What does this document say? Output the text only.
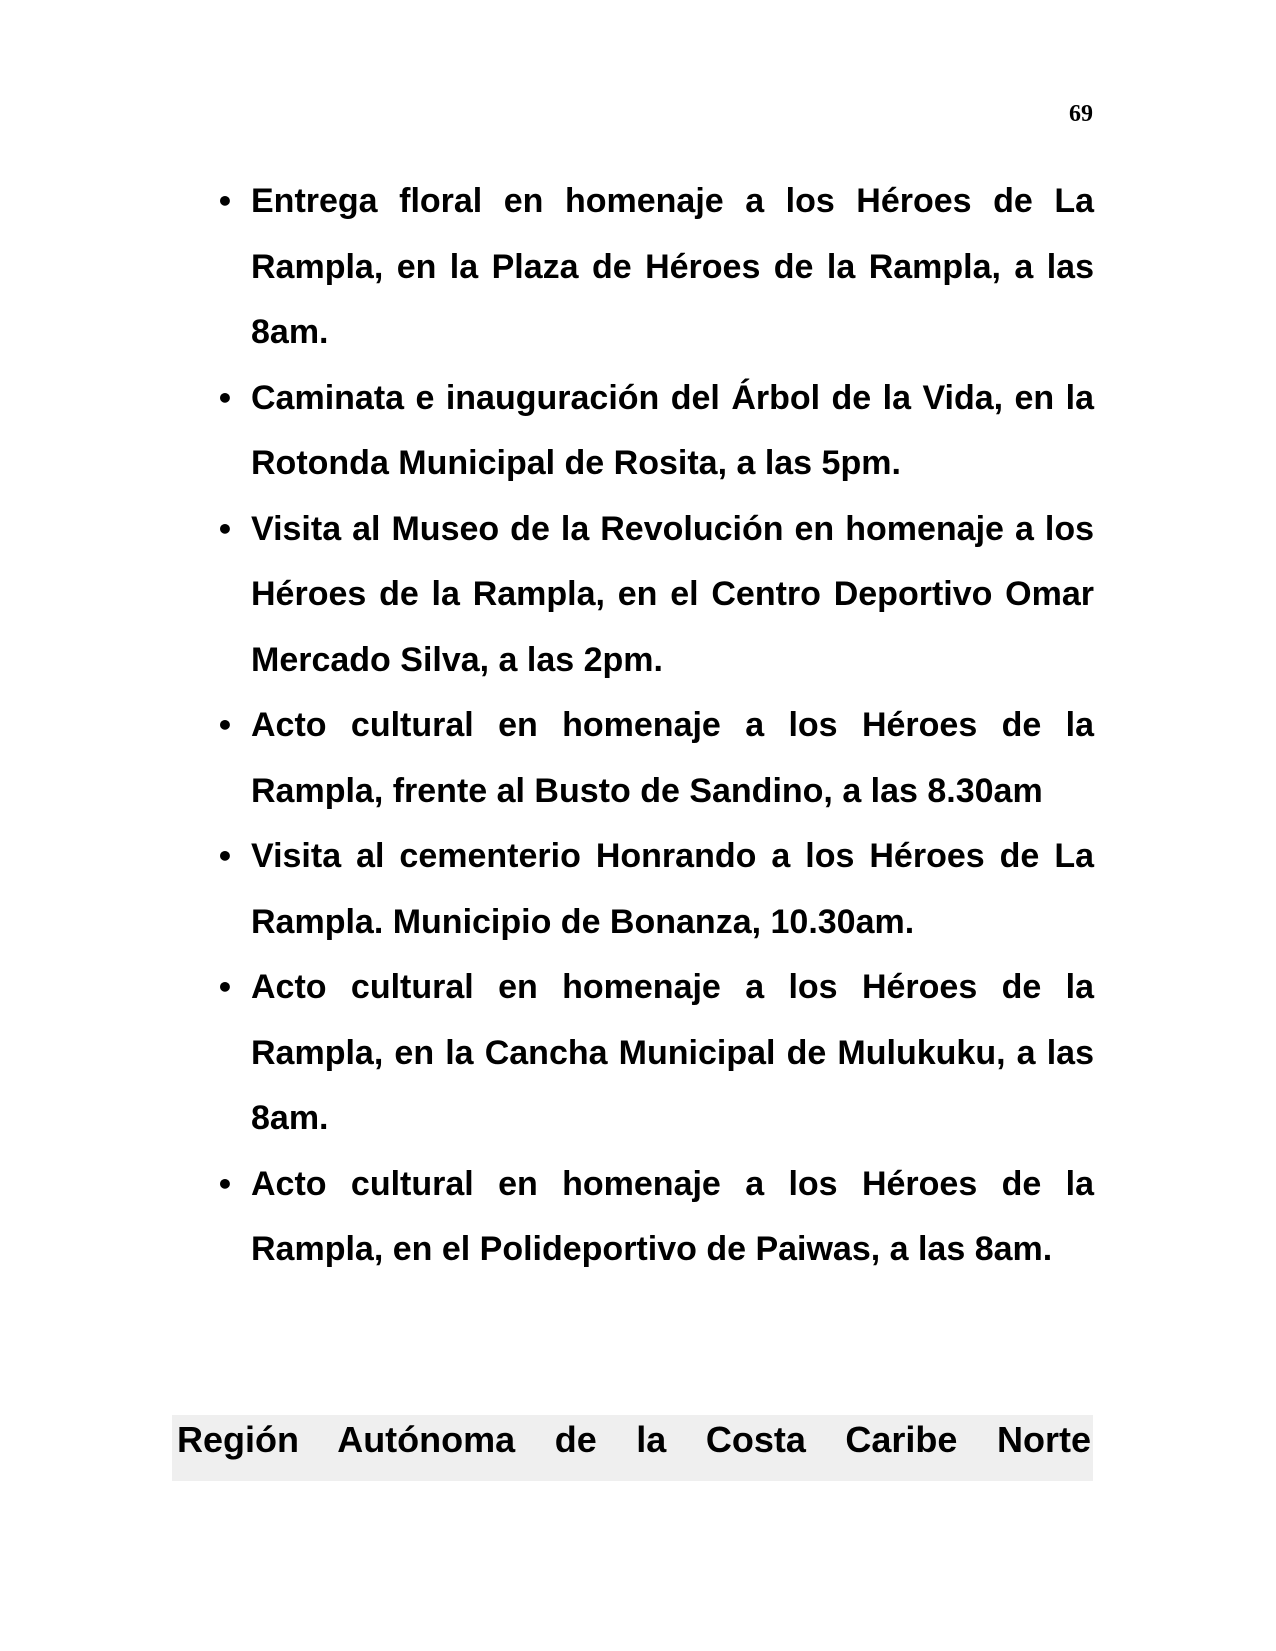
69
• Entrega floral en homenaje a los Héroes de La Rampla, en la Plaza de Héroes de la Rampla, a las 8am.
• Caminata e inauguración del Árbol de la Vida, en la Rotonda Municipal de Rosita, a las 5pm.
• Visita al Museo de la Revolución en homenaje a los Héroes de la Rampla, en el Centro Deportivo Omar Mercado Silva, a las 2pm.
• Acto cultural en homenaje a los Héroes de la Rampla, frente al Busto de Sandino, a las 8.30am
• Visita al cementerio Honrando a los Héroes de La Rampla. Municipio de Bonanza, 10.30am.
• Acto cultural en homenaje a los Héroes de la Rampla, en la Cancha Municipal de Mulukuku, a las 8am.
• Acto cultural en homenaje a los Héroes de la Rampla, en el Polideportivo de Paiwas, a las 8am.
Región Autónoma de la Costa Caribe Norte
